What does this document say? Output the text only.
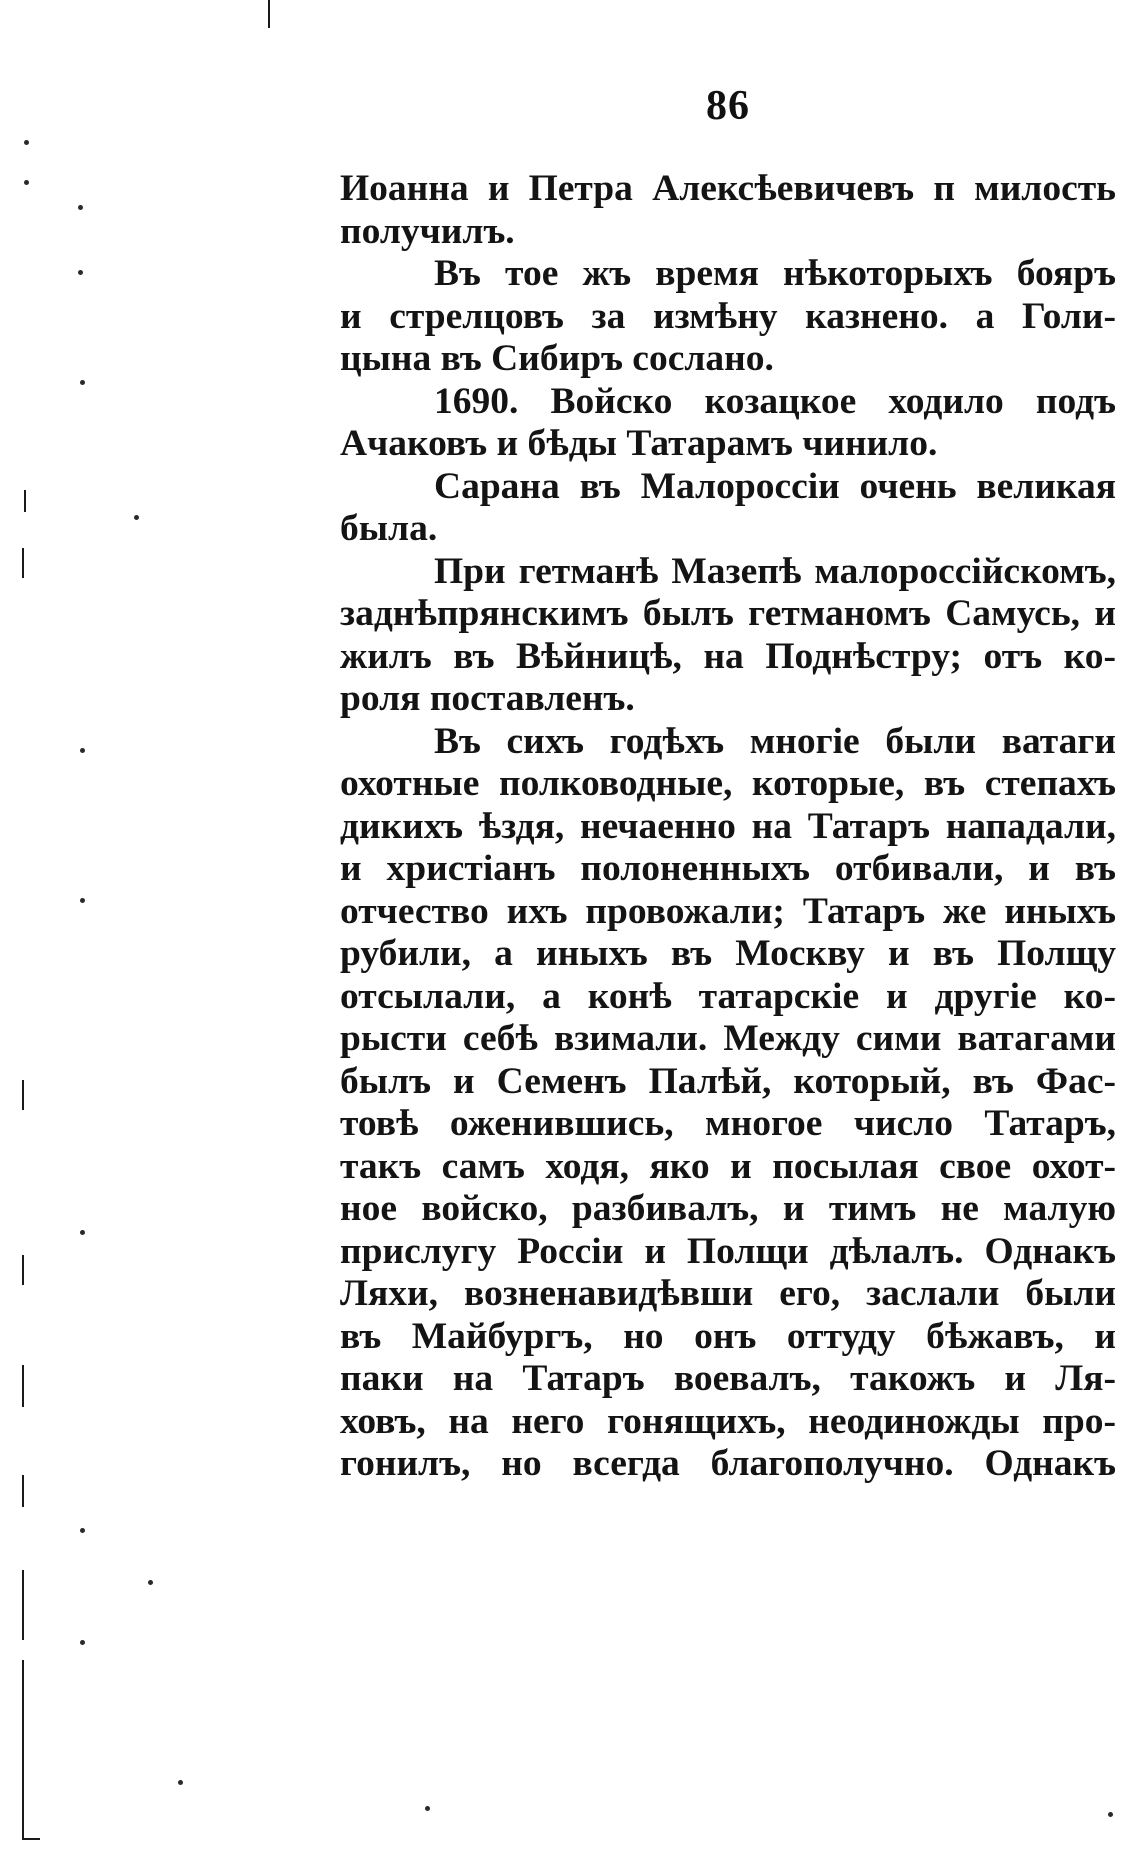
86
Иоанна и Петра Алексѣевичевъ п милость
получилъ.
Въ тое жъ время нѣкоторыхъ бояръ
и стрелцовъ за измѣну казнено. а Голи-
цына въ Сибиръ сослано.
1690. Войско козацкое ходило подъ
Ачаковъ и бѣды Татарамъ чинило.
Сарана въ Малороссіи очень великая
была.
При гетманѣ Мазепѣ малороссійскомъ,
заднѣпрянскимъ былъ гетманомъ Самусь, и
жилъ въ Вѣйницѣ, на Поднѣстру; отъ ко-
роля поставленъ.
Въ сихъ годѣхъ многіе были ватаги
охотные полководные, которые, въ степахъ
дикихъ ѣздя, нечаенно на Татаръ нападали,
и христіанъ полоненныхъ отбивали, и въ
отчество ихъ провожали; Татаръ же иныхъ
рубили, а иныхъ въ Москву и въ Полщу
отсылали, а конѣ татарскіе и другіе ко-
рысти себѣ взимали. Между сими ватагами
былъ и Семенъ Палѣй, который, въ Фас-
товѣ оженившись, многое число Татаръ,
такъ самъ ходя, яко и посылая свое охот-
ное войско, разбивалъ, и тимъ не малую
прислугу Россіи и Полщи дѣлалъ. Однакъ
Ляхи, возненавидѣвши его, заслали были
въ Майбургъ, но онъ оттуду бѣжавъ, и
паки на Татаръ воевалъ, такожъ и Ля-
ховъ, на него гонящихъ, неодиножды про-
гонилъ, но всегда благополучно. Однакъ
